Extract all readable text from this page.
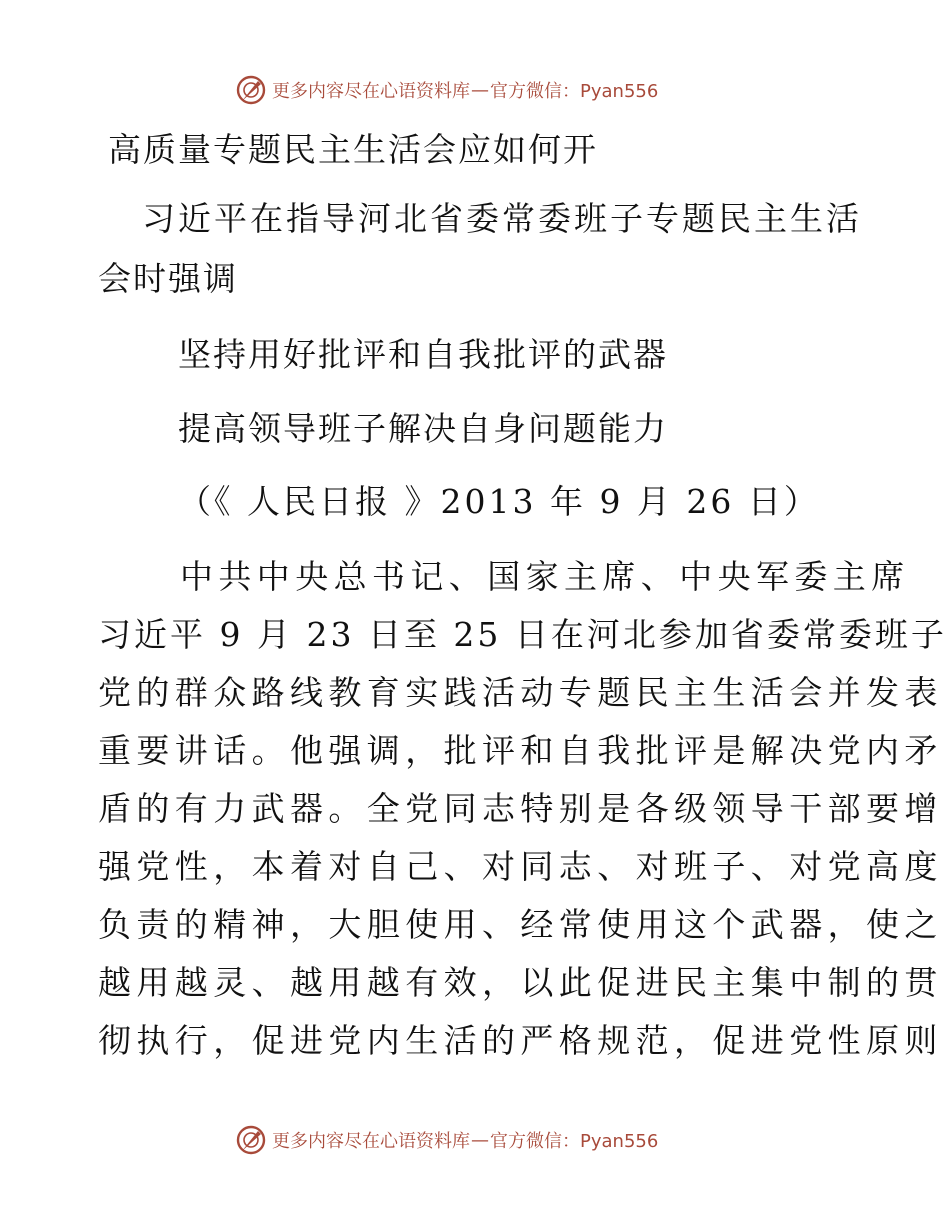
更多内容尽在心语资料库 — 官方微信：Pyan556
高质量专题民主生活会应如何开
习近平在指导河北省委常委班子专题民主生活
会时强调
坚持用好批评和自我批评的武器
提高领导班子解决自身问题能力
（《 人民日报 》2013 年 9 月 26 日）
中共中央总书记、国家主席、中央军委主席
习近平 9 月 23 日至 25 日在河北参加省委常委班子
党的群众路线教育实践活动专题民主生活会并发表
重要讲话。他强调，批评和自我批评是解决党内矛
盾的有力武器。全党同志特别是各级领导干部要增
强党性，本着对自己、对同志、对班子、对党高度
负责的精神，大胆使用、经常使用这个武器，使之
越用越灵、越用越有效，以此促进民主集中制的贯
彻执行，促进党内生活的严格规范，促进党性原则
更多内容尽在心语资料库 — 官方微信：Pyan556
